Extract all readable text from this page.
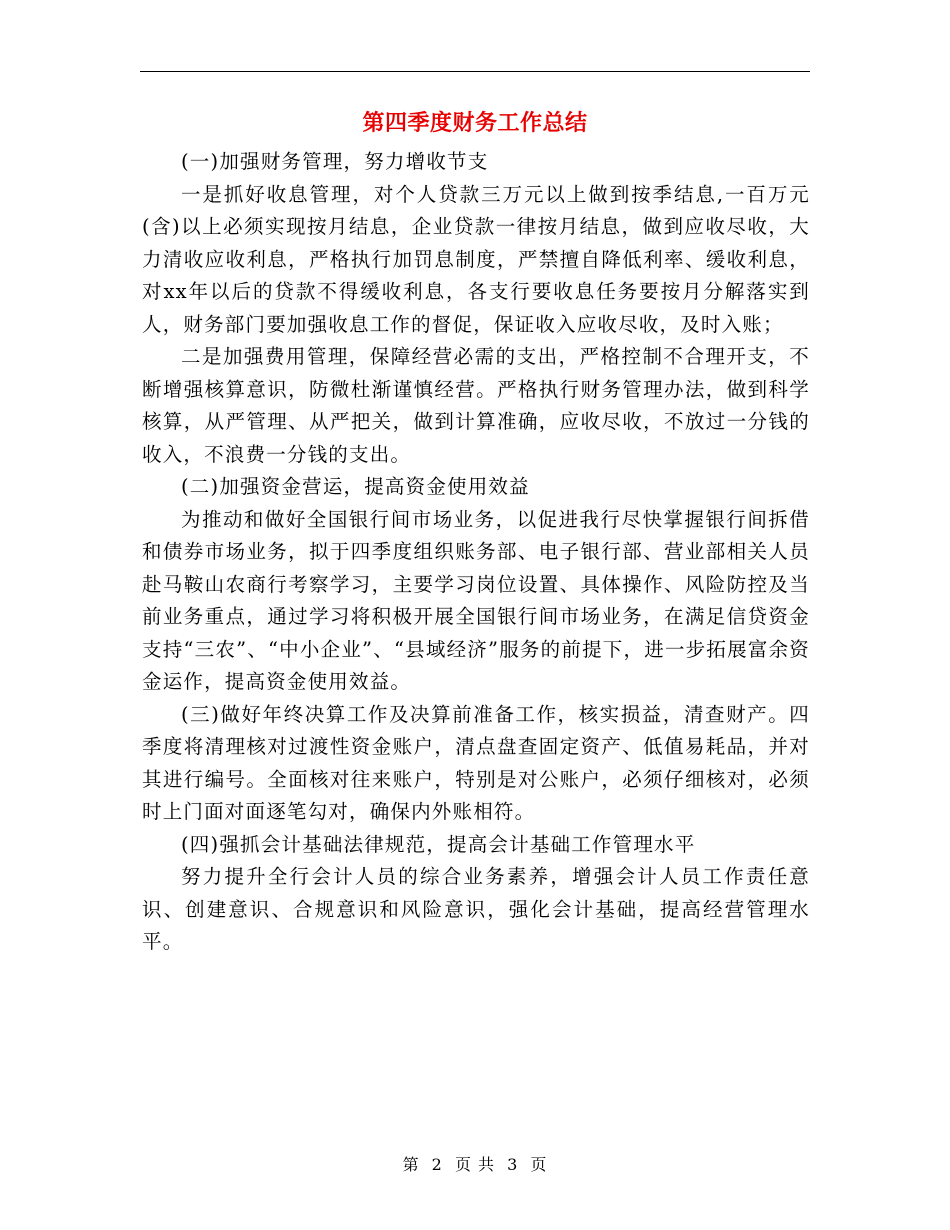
第四季度财务工作总结

(一)加强财务管理，努力增收节支

一是抓好收息管理，对个人贷款三万元以上做到按季结息,一百万元(含)以上必须实现按月结息，企业贷款一律按月结息，做到应收尽收，大力清收应收利息，严格执行加罚息制度，严禁擅自降低利率、缓收利息，对xx年以后的贷款不得缓收利息，各支行要收息任务要按月分解落实到人，财务部门要加强收息工作的督促，保证收入应收尽收，及时入账；

二是加强费用管理，保障经营必需的支出，严格控制不合理开支，不断增强核算意识，防微杜渐谨慎经营。严格执行财务管理办法，做到科学核算，从严管理、从严把关，做到计算准确，应收尽收，不放过一分钱的收入，不浪费一分钱的支出。

(二)加强资金营运，提高资金使用效益

为推动和做好全国银行间市场业务，以促进我行尽快掌握银行间拆借和债券市场业务，拟于四季度组织账务部、电子银行部、营业部相关人员赴马鞍山农商行考察学习，主要学习岗位设置、具体操作、风险防控及当前业务重点，通过学习将积极开展全国银行间市场业务，在满足信贷资金支持“三农”、“中小企业”、“县域经济”服务的前提下，进一步拓展富余资金运作，提高资金使用效益。

(三)做好年终决算工作及决算前准备工作，核实损益，清查财产。四季度将清理核对过渡性资金账户，清点盘查固定资产、低值易耗品，并对其进行编号。全面核对往来账户，特别是对公账户，必须仔细核对，必须时上门面对面逐笔勾对，确保内外账相符。

(四)强抓会计基础法律规范，提高会计基础工作管理水平

努力提升全行会计人员的综合业务素养，增强会计人员工作责任意识、创建意识、合规意识和风险意识，强化会计基础，提高经营管理水平。

第 2 页 共 3 页
